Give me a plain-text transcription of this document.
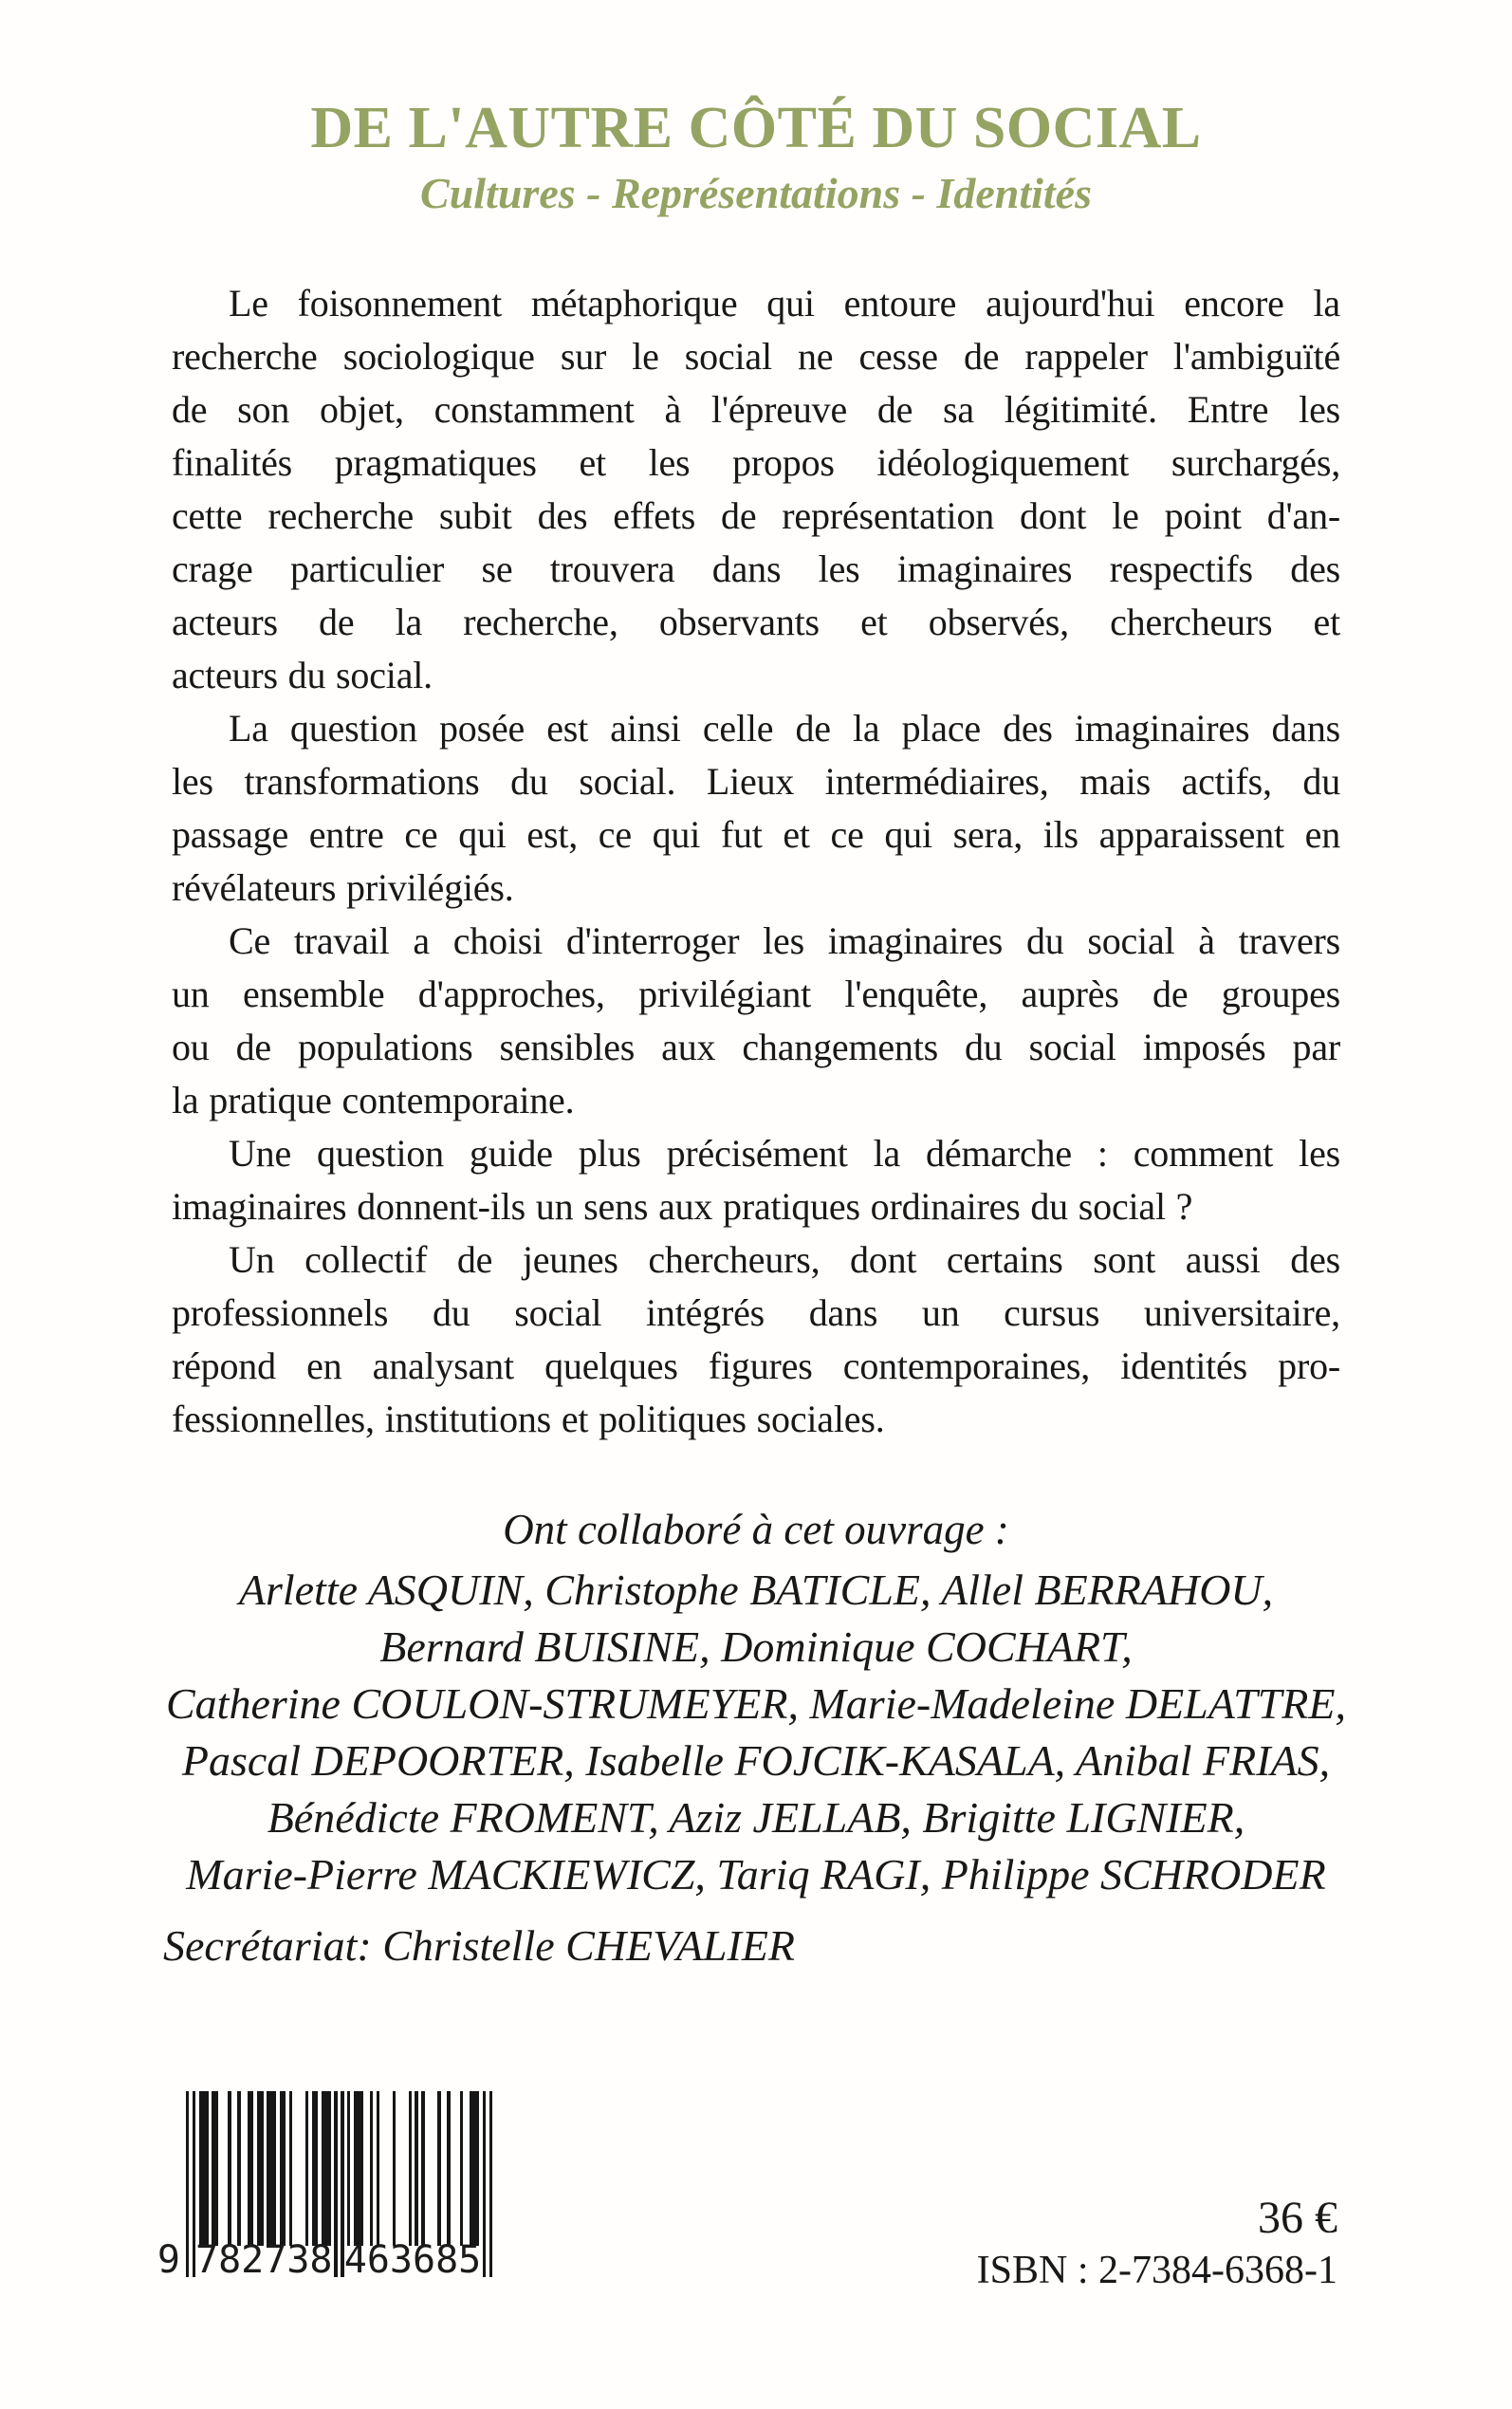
DE L'AUTRE CÔTÉ DU SOCIAL
Cultures - Représentations - Identités
Le foisonnement métaphorique qui entoure aujourd'hui encore la
recherche sociologique sur le social ne cesse de rappeler l'ambiguïté
de son objet, constamment à l'épreuve de sa légitimité. Entre les
finalités pragmatiques et les propos idéologiquement surchargés,
cette recherche subit des effets de représentation dont le point d'an-
crage particulier se trouvera dans les imaginaires respectifs des
acteurs de la recherche, observants et observés, chercheurs et
acteurs du social.
La question posée est ainsi celle de la place des imaginaires dans
les transformations du social. Lieux intermédiaires, mais actifs, du
passage entre ce qui est, ce qui fut et ce qui sera, ils apparaissent en
révélateurs privilégiés.
Ce travail a choisi d'interroger les imaginaires du social à travers
un ensemble d'approches, privilégiant l'enquête, auprès de groupes
ou de populations sensibles aux changements du social imposés par
la pratique contemporaine.
Une question guide plus précisément la démarche : comment les
imaginaires donnent-ils un sens aux pratiques ordinaires du social ?
Un collectif de jeunes chercheurs, dont certains sont aussi des
professionnels du social intégrés dans un cursus universitaire,
répond en analysant quelques figures contemporaines, identités pro-
fessionnelles, institutions et politiques sociales.
Ont collaboré à cet ouvrage :
Arlette ASQUIN, Christophe BATICLE, Allel BERRAHOU,
Bernard BUISINE, Dominique COCHART,
Catherine COULON-STRUMEYER, Marie-Madeleine DELATTRE,
Pascal DEPOORTER, Isabelle FOJCIK-KASALA, Anibal FRIAS,
Bénédicte FROMENT, Aziz JELLAB, Brigitte LIGNIER,
Marie-Pierre MACKIEWICZ, Tariq RAGI, Philippe SCHRODER
Secrétariat: Christelle CHEVALIER
9 782738 463685
36 €
ISBN : 2-7384-6368-1
